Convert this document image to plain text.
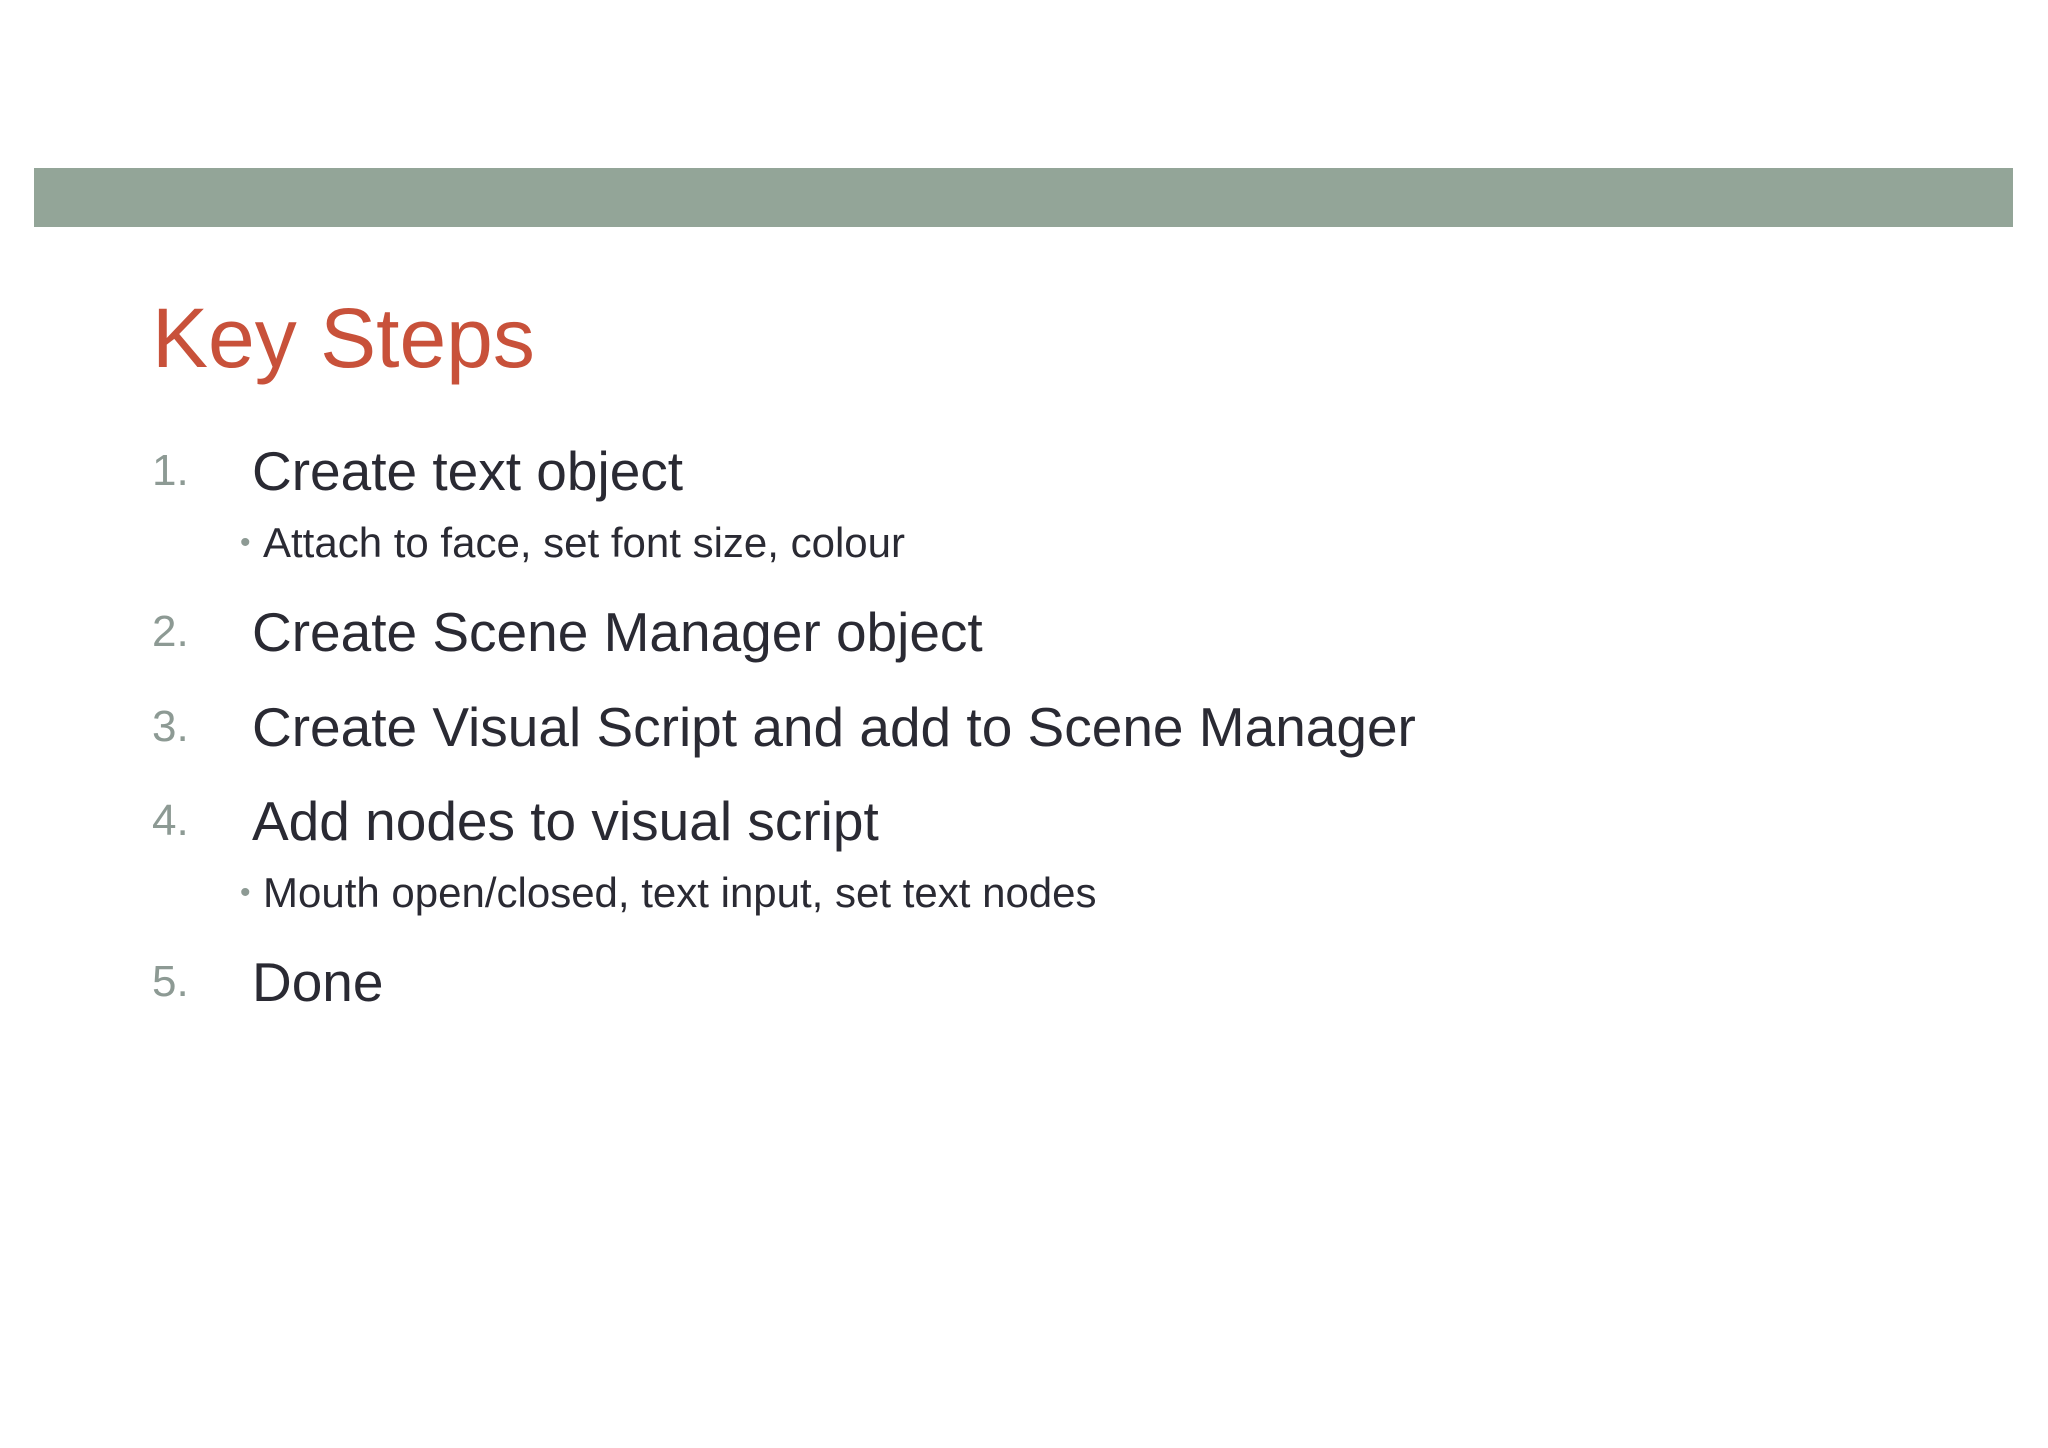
Key Steps
1. Create text object
• Attach to face, set font size, colour
2. Create Scene Manager object
3. Create Visual Script and add to Scene Manager
4. Add nodes to visual script
• Mouth open/closed, text input, set text nodes
5. Done
